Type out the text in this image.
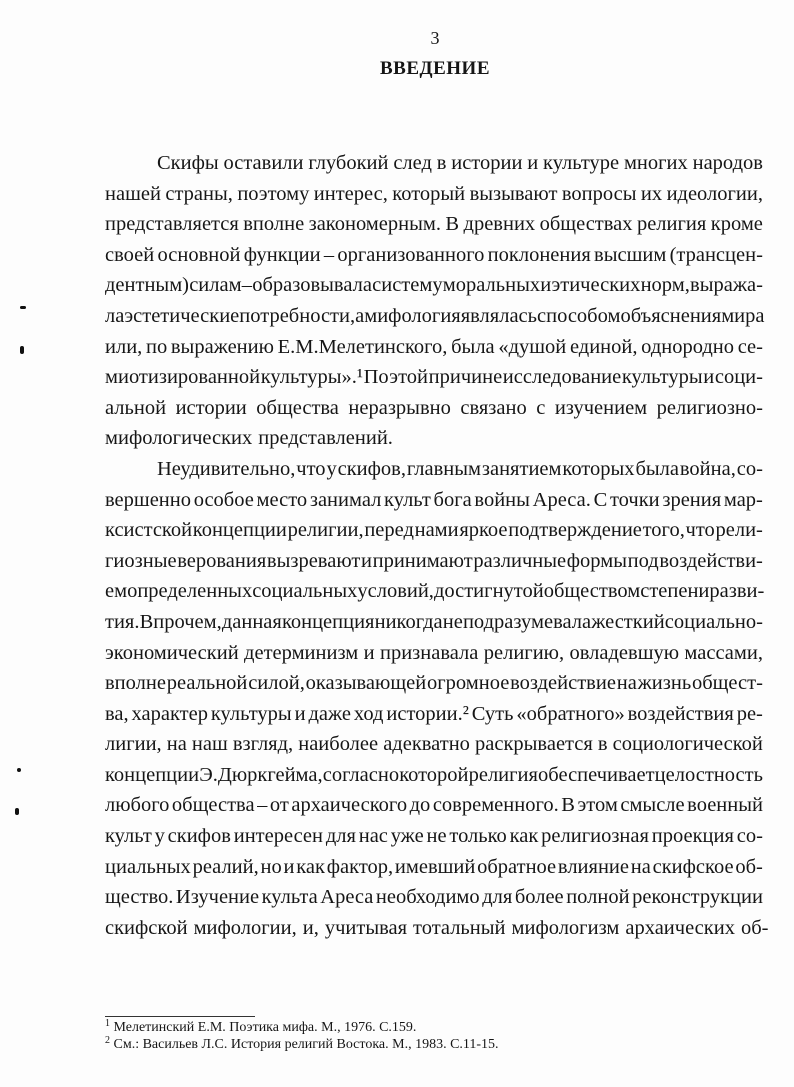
3
ВВЕДЕНИЕ
Скифы оставили глубокий след в истории и культуре многих народов
нашей страны, поэтому интерес, который вызывают вопросы их идеологии,
представляется вполне закономерным. В древних обществах религия кроме
своей основной функции – организованного поклонения высшим (трансцен-
дентным) силам – образовывала систему моральных и этических норм, выража-
ла эстетические потребности, а мифология являлась способом объяснения мира
или, по выражению Е.М.Мелетинского, была «душой единой, однородно се-
миотизированной культуры».¹ По этой причине исследование культуры и соци-
альной истории общества неразрывно связано с изучением религиозно-
мифологических представлений.
Неудивительно, что у скифов, главным занятием которых была война, со-
вершенно особое место занимал культ бога войны Ареса. С точки зрения мар-
ксистской концепции религии, перед нами яркое подтверждение того, что рели-
гиозные верования вызревают и принимают различные формы под воздействи-
ем определенных социальных условий, достигнутой обществом степени разви-
тия. Впрочем, данная концепция никогда не подразумевала жесткий социально-
экономический детерминизм и признавала религию, овладевшую массами,
вполне реальной силой, оказывающей огромное воздействие на жизнь общест-
ва, характер культуры и даже ход истории.² Суть «обратного» воздействия ре-
лигии, на наш взгляд, наиболее адекватно раскрывается в социологической
концепции Э.Дюркгейма, согласно которой религия обеспечивает целостность
любого общества – от архаического до современного. В этом смысле военный
культ у скифов интересен для нас уже не только как религиозная проекция со-
циальных реалий, но и как фактор, имевший обратное влияние на скифское об-
щество. Изучение культа Ареса необходимо для более полной реконструкции
скифской мифологии, и, учитывая тотальный мифологизм архаических об-
$^1$ Мелетинский Е.М. Поэтика мифа. М., 1976. С.159.
$^2$ См.: Васильев Л.С. История религий Востока. М., 1983. С.11-15.
